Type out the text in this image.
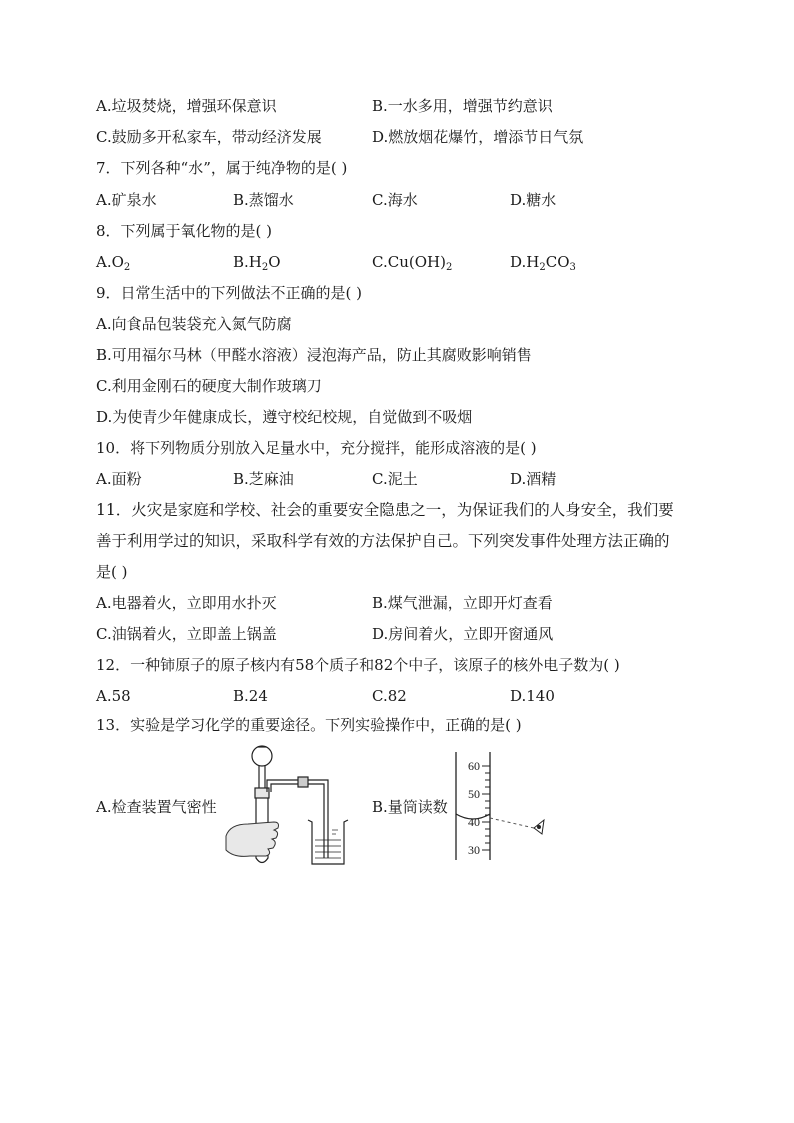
A.垃圾焚烧，增强环保意识	B.一水多用，增强节约意识
C.鼓励多开私家车，带动经济发展	D.燃放烟花爆竹，增添节日气氛
7．下列各种“水”，属于纯净物的是( )
A.矿泉水	B.蒸馏水	C.海水	D.糖水
8．下列属于氧化物的是( )
$A.O_2$	$B.H_2O$	$C.Cu(OH)_2$	$D.H_2CO_3$
9．日常生活中的下列做法不正确的是( )
A.向食品包装袋充入氮气防腐
B.可用福尔马林（甲醛水溶液）浸泡海产品，防止其腐败影响销售
C.利用金刚石的硬度大制作玻璃刀
D.为使青少年健康成长，遵守校纪校规，自觉做到不吸烟
10．将下列物质分别放入足量水中，充分搅拌，能形成溶液的是( )
A.面粉	B.芝麻油	C.泥土	D.酒精
11．火灾是家庭和学校、社会的重要安全隐患之一，为保证我们的人身安全，我们要
善于利用学过的知识，采取科学有效的方法保护自己。下列突发事件处理方法正确的
是( )
A.电器着火，立即用水扑灭	B.煤气泄漏，立即开灯查看
C.油锅着火，立即盖上锅盖	D.房间着火，立即开窗通风
12．一种铈原子的原子核内有58个质子和82个中子，该原子的核外电子数为( )
A.58	B.24	C.82	D.140
13．实验是学习化学的重要途径。下列实验操作中，正确的是( )
A.检查装置气密性	B.量筒读数
60
50
40
30
